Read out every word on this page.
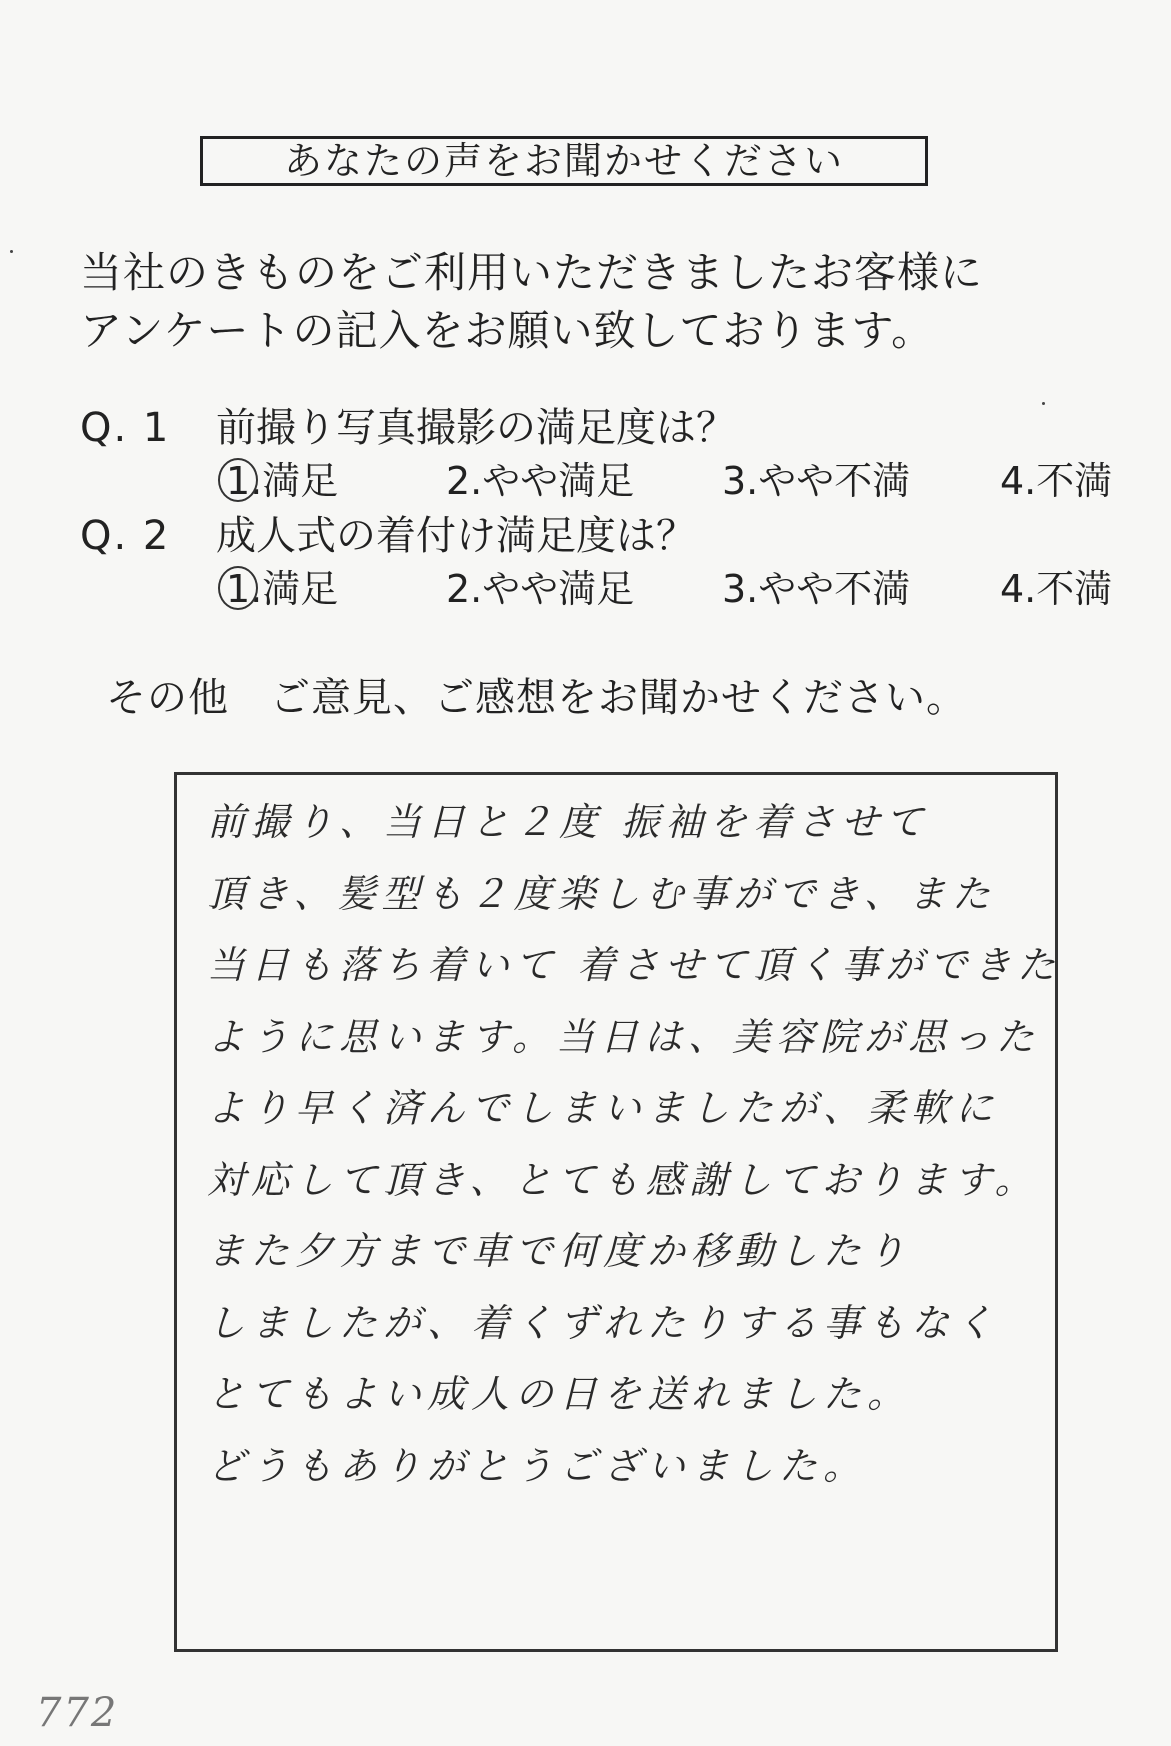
あなたの声をお聞かせください
当社のきものをご利用いただきましたお客様に
アンケートの記入をお願い致しております。
Q. 1 前撮り写真撮影の満足度は？
1.満足	2.やや満足 3.やや不満 4.不満
Q. 2 成人式の着付け満足度は？
1.満足	2.やや満足 3.やや不満 4.不満
その他　ご意見、ご感想をお聞かせください。
前撮り、当日と２度 振袖を着させて
頂き、髪型も２度楽しむ事ができ、また
当日も落ち着いて 着させて頂く事ができた
ように思います。当日は、美容院が思った
より早く済んでしまいましたが、柔軟に
対応して頂き、とても感謝しております。
また夕方まで車で何度か移動したり
しましたが、着くずれたりする事もなく
とてもよい成人の日を送れました。
どうもありがとうございました。
772
